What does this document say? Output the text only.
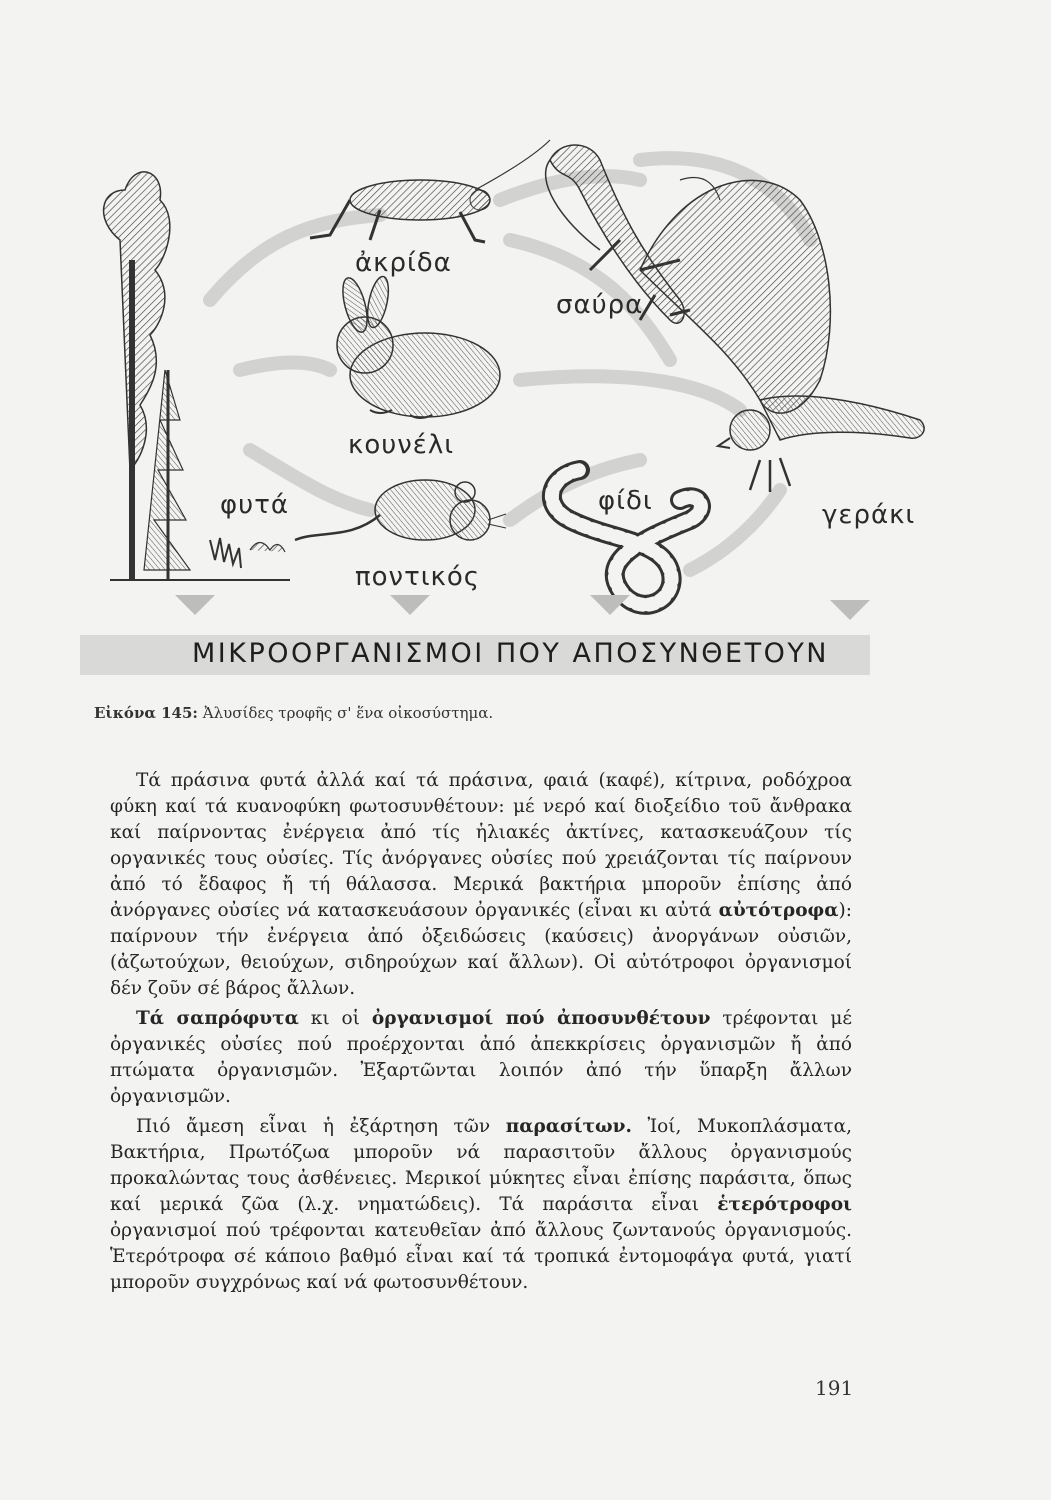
ἀκρίδα
σαύρα
κουνέλι
φυτά	φίδι	γεράκι
ποντικός
ΜΙΚΡΟΟΡΓΑΝΙΣΜΟΙ ΠΟΥ ΑΠΟΣΥΝΘΕΤΟΥΝ
Εἰκόνα 145: Ἀλυσίδες τροφῆς σ' ἕνα οἰκοσύστημα.

Τά πράσινα φυτά ἀλλά καί τά πράσινα, φαιά (καφέ), κίτρινα, ροδόχροα φύκη καί τά κυανοφύκη φωτοσυνθέτουν: μέ νερό καί διοξείδιο τοῦ ἄνθρακα καί παίρνοντας ἐνέργεια ἀπό τίς ἡλιακές ἀκτίνες, κατασκευάζουν τίς οργανικές τους οὐσίες. Τίς ἀνόργανες οὐσίες πού χρειάζονται τίς παίρνουν ἀπό τό ἔδαφος ἤ τή θάλασσα. Μερικά βακτήρια μποροῦν ἐπίσης ἀπό ἀνόργανες οὐσίες νά κατασκευάσουν ὀργανικές (εἶναι κι αὐτά αὐτότροφα): παίρνουν τήν ἐνέργεια ἀπό ὀξειδώσεις (καύσεις) ἀνοργάνων οὐσιῶν, (ἀζωτούχων, θειούχων, σιδηρούχων καί ἄλλων). Οἱ αὐτότροφοι ὀργανισμοί δέν ζοῦν σέ βάρος ἄλλων.

Τά σαπρόφυτα κι οἱ ὀργανισμοί πού ἀποσυνθέτουν τρέφονται μέ ὀργανικές οὐσίες πού προέρχονται ἀπό ἀπεκκρίσεις ὀργανισμῶν ἤ ἀπό πτώματα ὀργανισμῶν. Ἐξαρτῶνται λοιπόν ἀπό τήν ὕπαρξη ἄλλων ὀργανισμῶν.

Πιό ἄμεση εἶναι ἡ ἐξάρτηση τῶν παρασίτων. Ἰοί, Μυκοπλάσματα, Βακτήρια, Πρωτόζωα μποροῦν νά παρασιτοῦν ἄλλους ὀργανισμούς προκαλώντας τους ἀσθένειες. Μερικοί μύκητες εἶναι ἐπίσης παράσιτα, ὅπως καί μερικά ζῶα (λ.χ. νηματώδεις). Τά παράσιτα εἶναι ἑτερότροφοι ὀργανισμοί πού τρέφονται κατευθεῖαν ἀπό ἄλλους ζωντανούς ὀργανισμούς. Ἑτερότροφα σέ κάποιο βαθμό εἶναι καί τά τροπικά ἐντομοφάγα φυτά, γιατί μποροῦν συγχρόνως καί νά φωτοσυνθέτουν.

191
